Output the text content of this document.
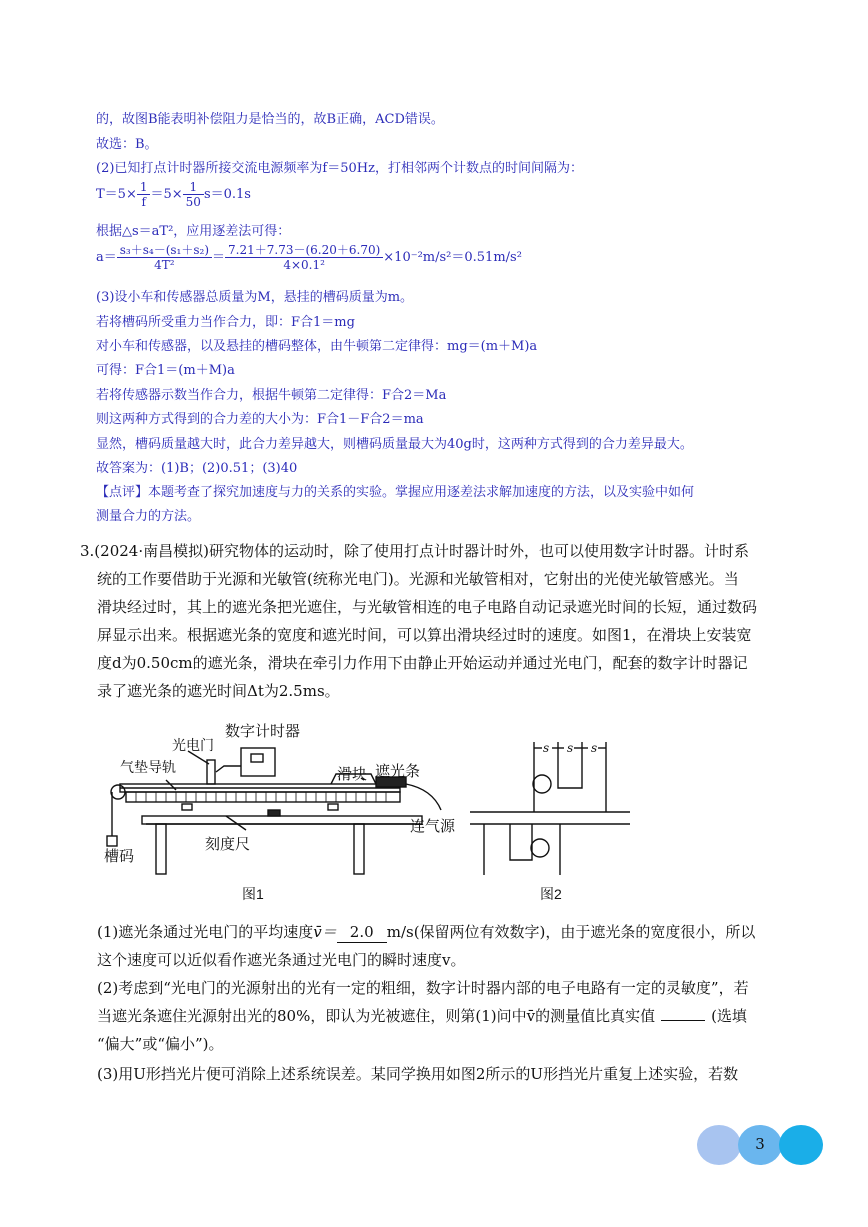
的，故图B能表明补偿阻力是恰当的，故B正确，ACD错误。
故选：B。
(2)已知打点计时器所接交流电源频率为f＝50Hz，打相邻两个计数点的时间间隔为：
$T=5\times \frac{1}{f} =5\times \frac{1}{50} s=0.1s$
根据△s＝aT²，应用逐差法可得：
$a= \frac{\text{s₃＋s₄－(s₁＋s₂)}}{\text{4T²}} = \frac{7.21+7.73-(6.20+6.70)}{\text{4×0.1²}} \times 10^{-2}m/s^2=0.51m/s^2$
(3)设小车和传感器总质量为M，悬挂的槽码质量为m。
若将槽码所受重力当作合力，即：F合1＝mg
对小车和传感器，以及悬挂的槽码整体，由牛顿第二定律得：mg＝(m＋M)a
可得：F合1＝(m＋M)a
若将传感器示数当作合力，根据牛顿第二定律得：F合2＝Ma
则这两种方式得到的合力差的大小为：F合1－F合2＝ma
显然，槽码质量越大时，此合力差异越大，则槽码质量最大为40g时，这两种方式得到的合力差异最大。
故答案为：(1)B；(2)0.51；(3)40
【点评】本题考查了探究加速度与力的关系的实验。掌握应用逐差法求解加速度的方法，以及实验中如何
测量合力的方法。
3.(2024·南昌模拟)研究物体的运动时，除了使用打点计时器计时外，也可以使用数字计时器。计时系
统的工作要借助于光源和光敏管(统称光电门)。光源和光敏管相对，它射出的光使光敏管感光。当
滑块经过时，其上的遮光条把光遮住，与光敏管相连的电子电路自动记录遮光时间的长短，通过数码
屏显示出来。根据遮光条的宽度和遮光时间，可以算出滑块经过时的速度。如图1，在滑块上安装宽
度d为0.50cm的遮光条，滑块在牵引力作用下由静止开始运动并通过光电门，配套的数字计时器记
录了遮光条的遮光时间Δt为2.5ms。
数字计时器
光电门
气垫导轨	滑块 遮光条
连气源
刻度尺
槽码
图1
s s s
图2
(1)遮光条通过光电门的平均速度v̄＝ 2.0 m/s(保留两位有效数字)，由于遮光条的宽度很小，所以
这个速度可以近似看作遮光条通过光电门的瞬时速度v。
(2)考虑到“光电门的光源射出的光有一定的粗细，数字计时器内部的电子电路有一定的灵敏度”，若
当遮光条遮住光源射出光的80%，即认为光被遮住，则第(1)问中v̄的测量值比真实值	(选填
“偏大”或“偏小”)。
(3)用U形挡光片便可消除上述系统误差。某同学换用如图2所示的U形挡光片重复上述实验，若数
3
